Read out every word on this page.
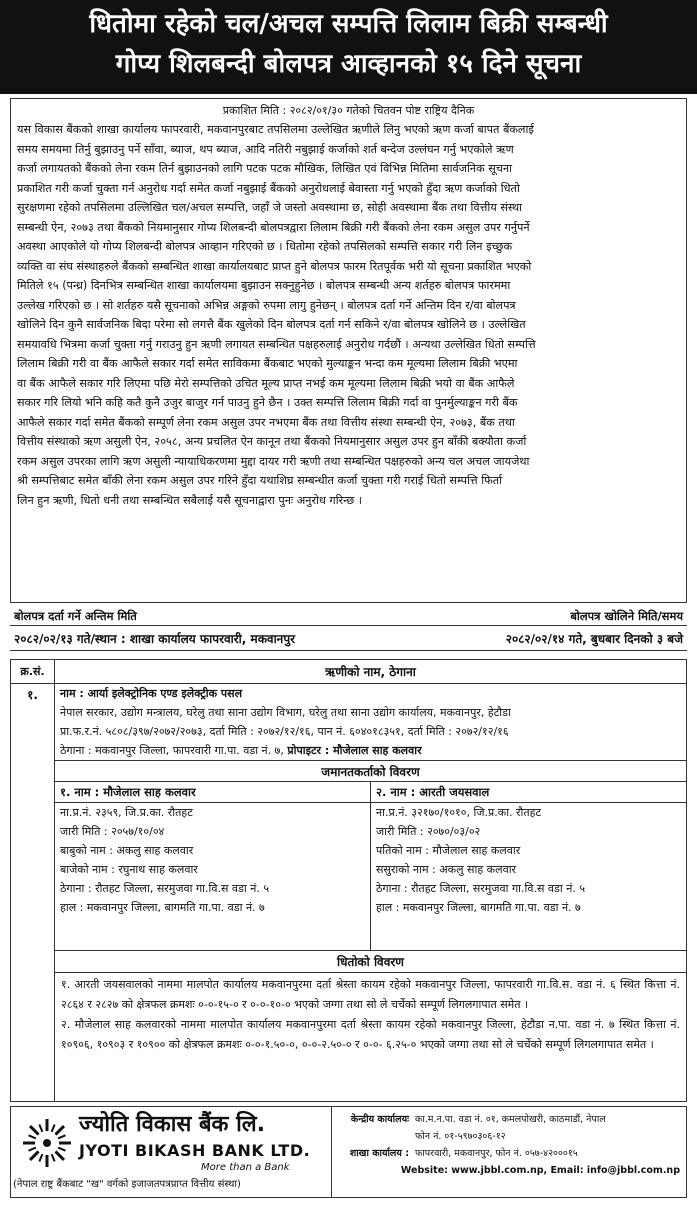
धितोमा रहेको चल/अचल सम्पत्ति लिलाम बिक्री सम्बन्धी
गोप्य शिलबन्दी बोलपत्र आव्हानको १५ दिने सूचना
प्रकाशित मिति : २०८२/०१/३० गतेको चितवन पोष्ट राष्ट्रिय दैनिक

यस विकास बैंकको शाखा कार्यालय फापरवारी, मकवानपुरबाट तपसिलमा उल्लेखित ऋणीले लिनु भएको ऋण कर्जा बापत बैंकलाई

समय समयमा तिर्नु बुझाउनु पर्ने साँवा, ब्याज, थप ब्याज, आदि नतिरी नबुझाई कर्जाको शर्त बन्देज उल्लंघन गर्नु भएकोले ऋण

कर्जा लगायतको बैंकको लेना रकम तिर्न बुझाउनको लागि पटक पटक मौखिक, लिखित एवं विभिन्न मितिमा सार्वजनिक सूचना

प्रकाशित गरी कर्जा चुक्ता गर्न अनुरोध गर्दा समेत कर्जा नबुझाई बैंकको अनुरोधलाई बेवास्ता गर्नु भएको हुँदा ऋण कर्जाको धितो

सुरक्षणमा रहेको तपसिलमा उल्लिखित चल/अचल सम्पत्ति, जहाँ जे जस्तो अवस्थामा छ, सोही अवस्थामा बैंक तथा वित्तीय संस्था

सम्बन्धी ऐन, २०७३ तथा बैंकको नियमानुसार गोप्य शिलबन्दी बोलपत्रद्वारा लिलाम बिक्री गरी बैंकको लेना रकम असुल उपर गर्नुपर्ने

अवस्था आएकोले यो गोप्य शिलबन्दी बोलपत्र आव्हान गरिएको छ । धितोमा रहेको तपसिलको सम्पत्ति सकार गरी लिन इच्छुक

व्यक्ति वा संघ संस्थाहरुले बैंकको सम्बन्धित शाखा कार्यालयबाट प्राप्त हुने बोलपत्र फारम रितपूर्वक भरी यो सूचना प्रकाशित भएको

मितिले १५ (पन्ध्र) दिनभित्र सम्बन्धित शाखा कार्यालयमा बुझाउन सक्नुहुनेछ । बोलपत्र सम्बन्धी अन्य शर्तहरु बोलपत्र फारममा

उल्लेख गरिएको छ । सो शर्तहरु यसै सूचनाको अभिन्न अङ्गको रुपमा लागु हुनेछन् । बोलपत्र दर्ता गर्ने अन्तिम दिन र/वा बोलपत्र

खोलिने दिन कुनै सार्वजनिक बिदा परेमा सो लगत्तै बैंक खुलेको दिन बोलपत्र दर्ता गर्न सकिने र/वा बोलपत्र खोलिने छ । उल्लेखित

समयावधि भित्रमा कर्जा चुक्ता गर्नु गराउनु हुन ऋणी लगायत सम्बन्धित पक्षहरुलाई अनुरोध गर्दछौं । अन्यथा उल्लेखित धितो सम्पत्ति

लिलाम बिक्री गरी वा बैंक आफैले सकार गर्दा समेत साविकमा बैंकबाट भएको मुल्याङ्कन भन्दा कम मूल्यमा लिलाम बिक्री भएमा

वा बैंक आफैले सकार गरि लिएमा पछि मेरो सम्पत्तिको उचित मूल्य प्राप्त नभई कम मूल्यमा लिलाम बिक्री भयो वा बैंक आफैले

सकार गरि लियो भनि कहि कतै कुनै उजुर बाजुर गर्न पाउनु हुने छैन । उक्त सम्पत्ति लिलाम बिक्री गर्दा वा पुनर्मुल्याङ्कन गरी बैंक

आफैले सकार गर्दा समेत बैंकको सम्पूर्ण लेना रकम असुल उपर नभएमा बैंक तथा वित्तीय संस्था सम्बन्धी ऐन, २०७३, बैंक तथा

वित्तीय संस्थाको ऋण असुली ऐन, २०५८, अन्य प्रचलित ऐन कानून तथा बैंकको नियमानुसार असुल उपर हुन बाँकी बक्यौता कर्जा

रकम असुल उपरका लागि ऋण असुली न्यायाधिकरणमा मुद्दा दायर गरी ऋणी तथा सम्बन्धित पक्षहरुको अन्य चल अचल जायजेथा

श्री सम्पत्तिबाट समेत बाँकी लेना रकम असुल उपर गरिने हुँदा यथाशिघ्र सम्बन्धीत कर्जा चुक्ता गरी गराई धितो सम्पत्ति फिर्ता

लिन हुन ऋणी, धितो धनी तथा सम्बन्धित सबैलाई यसै सूचनाद्वारा पुनः अनुरोध गरिन्छ ।

बोलपत्र दर्ता गर्ने अन्तिम मिति	बोलपत्र खोलिने मिति/समय
२०८२/०२/१३ गते/स्थान : शाखा कार्यालय फापरवारी, मकवानपुर	२०८२/०२/१४ गते, बुधबार दिनको ३ बजे
क्र.सं.
१.
ऋणीको नाम, ठेगाना
नाम : आर्या इलेक्ट्रोनिक एण्ड इलेक्ट्रीक पसल
नेपाल सरकार, उद्योग मन्त्रालय, घरेलु तथा साना उद्योग विभाग, घरेलु तथा साना उद्योग कार्यालय, मकवानपुर, हेटौडा
प्रा.फ.र.नं. ५८०८/३९७/२०७२/२०७३, दर्ता मिति : २०७२/१२/१६, पान नं. ६०४०१८३५१, दर्ता मिति : २०७२/१२/१६
ठेगाना : मकवानपुर जिल्ला, फापरवारी गा.पा. वडा नं. ७, प्रोपाइटर : मौजेलाल साह कलवार
जमानतकर्ताको विवरण
१. नाम : मौजेलाल साह कलवार
ना.प्र.नं. २३५९, जि.प्र.का. रौतहट
जारी मिति : २०५७/१०/०४
बाबुको नाम : अकलु साह कलवार
बाजेको नाम : रघुनाथ साह कलवार
ठेगाना : रौतहट जिल्ला, सरमुजवा गा.वि.स वडा नं. ५
हाल : मकवानपुर जिल्ला, बागमति गा.पा. वडा नं. ७
२. नाम : आरती जयसवाल
ना.प्र.नं. ३२१७०/१०१०, जि.प्र.का. रौतहट
जारी मिति : २०७०/०३/०२
पतिको नाम : मौजेलाल साह कलवार
ससुराको नाम : अकलु साह कलवार
ठेगाना : रौतहट जिल्ला, सरमुजवा गा.वि.स वडा नं. ५
हाल : मकवानपुर जिल्ला, बागमति गा.पा. वडा नं. ७
धितोको विवरण
१. आरती जयसवालको नाममा मालपोत कार्यालय मकवानपुरमा दर्ता श्रेस्ता कायम रहेको मकवानपुर जिल्ला, फापरवारी गा.वि.स. वडा नं. ६ स्थित कित्ता नं. २८६४ र २८२७ को क्षेत्रफल क्रमशः ०-०-१५-० र ०-०-१०-० भएको जग्गा तथा सो ले चर्चेको सम्पूर्ण लिगलगापात समेत ।
२. मौजेलाल साह कलवारको नाममा मालपोत कार्यालय मकवानपुरमा दर्ता श्रेस्ता कायम रहेको मकवानपुर जिल्ला, हेटौडा न.पा. वडा नं. ७ स्थित कित्ता नं. १०९०६, १०९०३ र १०९०० को क्षेत्रफल क्रमशः ०-०-१.५०-०, ०-०-२.५०-० र ०-०- ६.२५-० भएको जग्गा तथा सो ले चर्चेको सम्पूर्ण लिगलगापात समेत ।
ज्योति विकास बैंक लि.
JYOTI BIKASH BANK LTD.
More than a Bank
(नेपाल राष्ट्र बैंकबाट "ख" वर्गको इजाजतपत्रप्राप्त वित्तीय संस्था)
केन्द्रीय कार्यालयः का.म.न.पा. वडा नं. ०१, कमलपोखरी, काठमाडौं, नेपाल
फोन नं. ०१-५९७०३०६-१२
शाखा कार्यालय : फापरवारी, मकवानपुर, फोन नं. ०५७-४२०००१५
Website: www.jbbl.com.np, Email: info@jbbl.com.np
